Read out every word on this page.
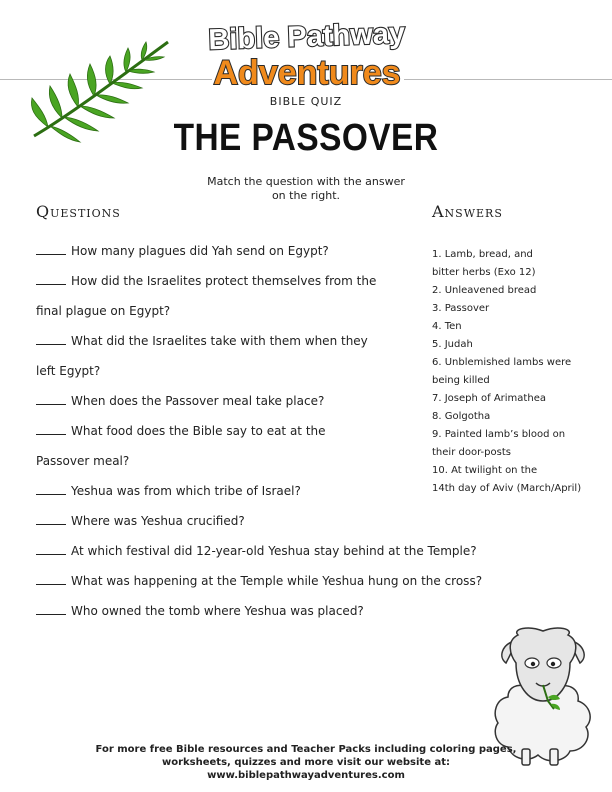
Bible Pathway
Adventures
BIBLE QUIZ
THE PASSOVER
Match the question with the answer on the right.
Questions	Answers
How many plagues did Yah send on Egypt?
How did the Israelites protect themselves from the
final plague on Egypt?
What did the Israelites take with them when they
left Egypt?
When does the Passover meal take place?
What food does the Bible say to eat at the
Passover meal?
Yeshua was from which tribe of Israel?
Where was Yeshua crucified?
At which festival did 12-year-old Yeshua stay behind at the Temple?
What was happening at the Temple while Yeshua hung on the cross?
Who owned the tomb where Yeshua was placed?
1. Lamb, bread, and
bitter herbs (Exo 12)
2. Unleavened bread
3. Passover
4. Ten
5. Judah
6. Unblemished lambs were
being killed
7. Joseph of Arimathea
8. Golgotha
9. Painted lamb’s blood on
their door-posts
10. At twilight on the
14th day of Aviv (March/April)
For more free Bible resources and Teacher Packs including coloring pages,
worksheets, quizzes and more visit our website at:
www.biblepathwayadventures.com
